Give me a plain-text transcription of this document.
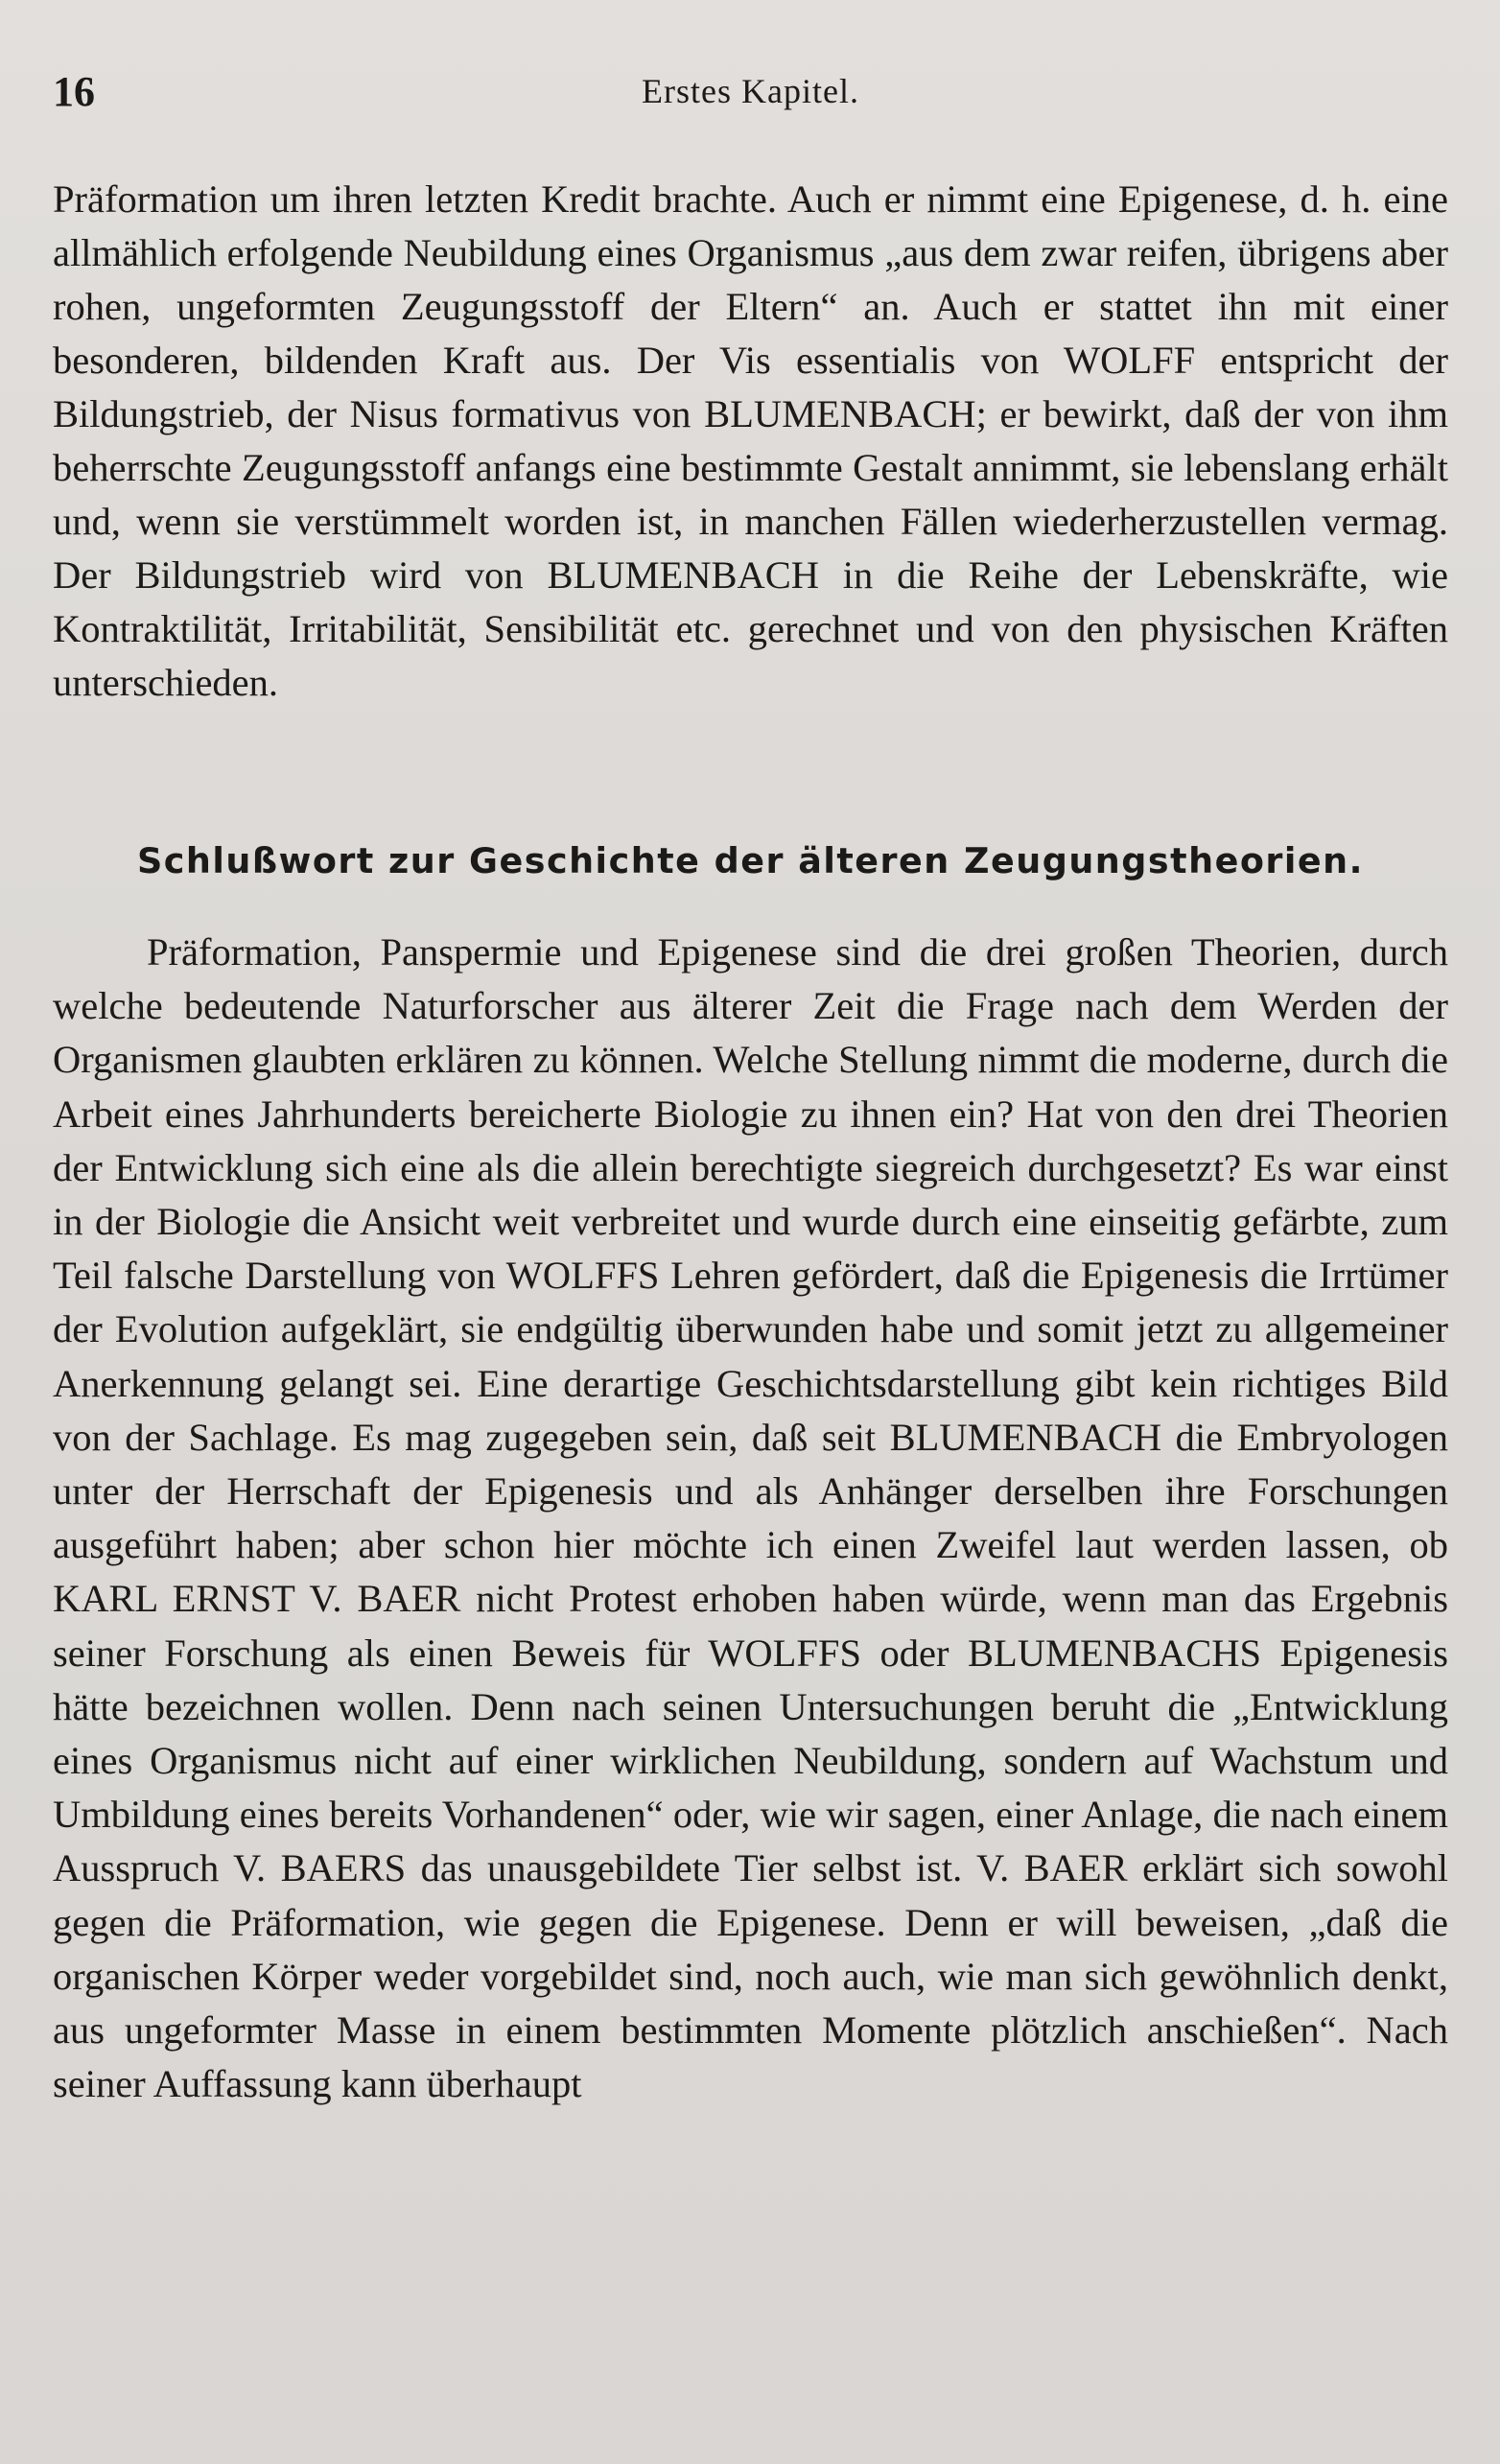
16	Erstes Kapitel.

Präformation um ihren letzten Kredit brachte. Auch er nimmt eine Epigenese, d. h. eine allmählich erfolgende Neubildung eines Organismus „aus dem zwar reifen, übrigens aber rohen, ungeformten Zeugungsstoff der Eltern“ an. Auch er stattet ihn mit einer besonderen, bildenden Kraft aus. Der Vis essentialis von WOLFF entspricht der Bildungstrieb, der Nisus formativus von BLUMENBACH; er bewirkt, daß der von ihm beherrschte Zeugungsstoff anfangs eine bestimmte Gestalt annimmt, sie lebenslang erhält und, wenn sie verstümmelt worden ist, in manchen Fällen wiederherzustellen vermag. Der Bildungstrieb wird von BLUMENBACH in die Reihe der Lebenskräfte, wie Kontraktilität, Irritabilität, Sensibilität etc. gerechnet und von den physischen Kräften unterschieden.

Schlußwort zur Geschichte der älteren Zeugungstheorien.

Präformation, Panspermie und Epigenese sind die drei großen Theorien, durch welche bedeutende Naturforscher aus älterer Zeit die Frage nach dem Werden der Organismen glaubten erklären zu können. Welche Stellung nimmt die moderne, durch die Arbeit eines Jahrhunderts bereicherte Biologie zu ihnen ein? Hat von den drei Theorien der Entwicklung sich eine als die allein berechtigte siegreich durchgesetzt? Es war einst in der Biologie die Ansicht weit verbreitet und wurde durch eine einseitig gefärbte, zum Teil falsche Darstellung von WOLFFS Lehren gefördert, daß die Epigenesis die Irrtümer der Evolution aufgeklärt, sie endgültig überwunden habe und somit jetzt zu allgemeiner Anerkennung gelangt sei. Eine derartige Geschichtsdarstellung gibt kein richtiges Bild von der Sachlage. Es mag zugegeben sein, daß seit BLUMENBACH die Embryologen unter der Herrschaft der Epigenesis und als Anhänger derselben ihre Forschungen ausgeführt haben; aber schon hier möchte ich einen Zweifel laut werden lassen, ob KARL ERNST V. BAER nicht Protest erhoben haben würde, wenn man das Ergebnis seiner Forschung als einen Beweis für WOLFFS oder BLUMENBACHS Epigenesis hätte bezeichnen wollen. Denn nach seinen Untersuchungen beruht die „Entwicklung eines Organismus nicht auf einer wirklichen Neubildung, sondern auf Wachstum und Umbildung eines bereits Vorhandenen“ oder, wie wir sagen, einer Anlage, die nach einem Ausspruch V. BAERS das unausgebildete Tier selbst ist. V. BAER erklärt sich sowohl gegen die Präformation, wie gegen die Epigenese. Denn er will beweisen, „daß die organischen Körper weder vorgebildet sind, noch auch, wie man sich gewöhnlich denkt, aus ungeformter Masse in einem bestimmten Momente plötzlich anschießen“. Nach seiner Auffassung kann überhaupt
